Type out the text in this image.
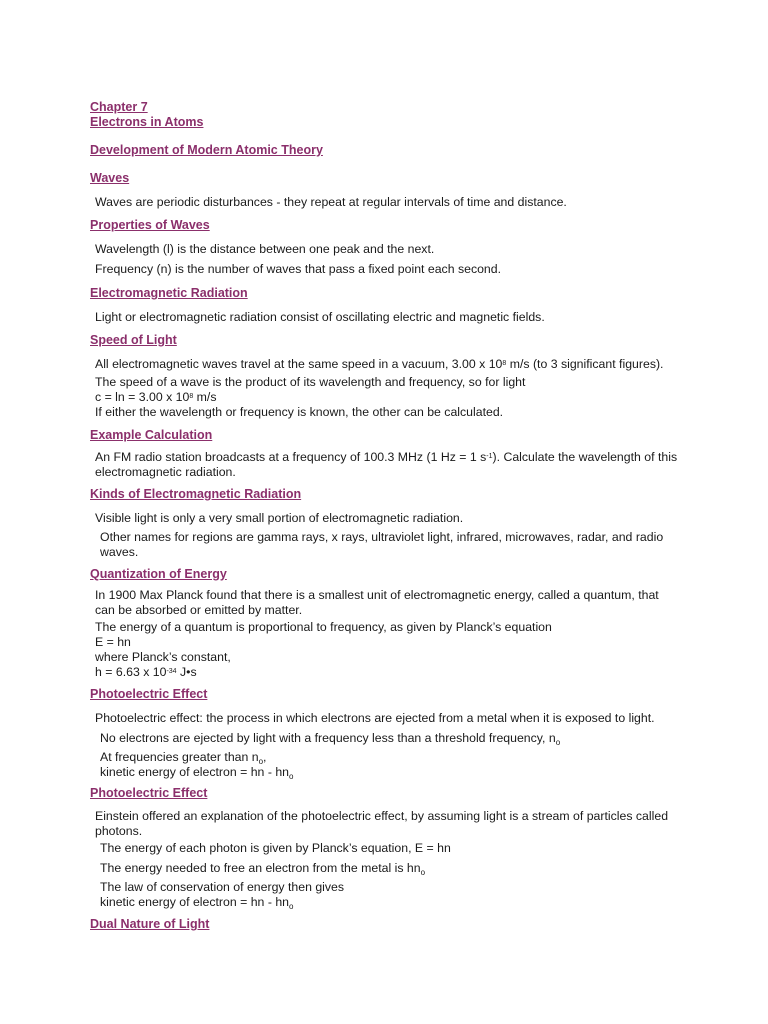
Chapter 7
Electrons in Atoms
Development of Modern Atomic Theory
Waves
Waves are periodic disturbances - they repeat at regular intervals of time and distance.
Properties of Waves
Wavelength (l) is the distance between one peak and the next.
Frequency (n) is the number of waves that pass a fixed point each second.
Electromagnetic Radiation
Light or electromagnetic radiation consist of oscillating electric and magnetic fields.
Speed of Light
All electromagnetic waves travel at the same speed in a vacuum, 3.00 x $10^8$ m/s (to 3 significant figures).
The speed of a wave is the product of its wavelength and frequency, so for light
c = ln = 3.00 x $10^8$ m/s
If either the wavelength or frequency is known, the other can be calculated.
Example Calculation
An FM radio station broadcasts at a frequency of 100.3 MHz (1 Hz = 1 $s^{-1}$). Calculate the wavelength of this electromagnetic radiation.
Kinds of Electromagnetic Radiation
Visible light is only a very small portion of electromagnetic radiation.
Other names for regions are gamma rays, x rays, ultraviolet light, infrared, microwaves, radar, and radio waves.
Quantization of Energy
In 1900 Max Planck found that there is a smallest unit of electromagnetic energy, called a quantum, that can be absorbed or emitted by matter.
The energy of a quantum is proportional to frequency, as given by Planck’s equation
E = hn
where Planck’s constant,
h = 6.63 x $10^{-34}$ J•s
Photoelectric Effect
Photoelectric effect: the process in which electrons are ejected from a metal when it is exposed to light.
No electrons are ejected by light with a frequency less than a threshold frequency, $n_o$
At frequencies greater than $n_o$,
kinetic energy of electron = hn - $hn_o$
Photoelectric Effect
Einstein offered an explanation of the photoelectric effect, by assuming light is a stream of particles called photons.
The energy of each photon is given by Planck’s equation, E = hn
The energy needed to free an electron from the metal is $hn_o$
The law of conservation of energy then gives
kinetic energy of electron = hn - $hn_o$
Dual Nature of Light
